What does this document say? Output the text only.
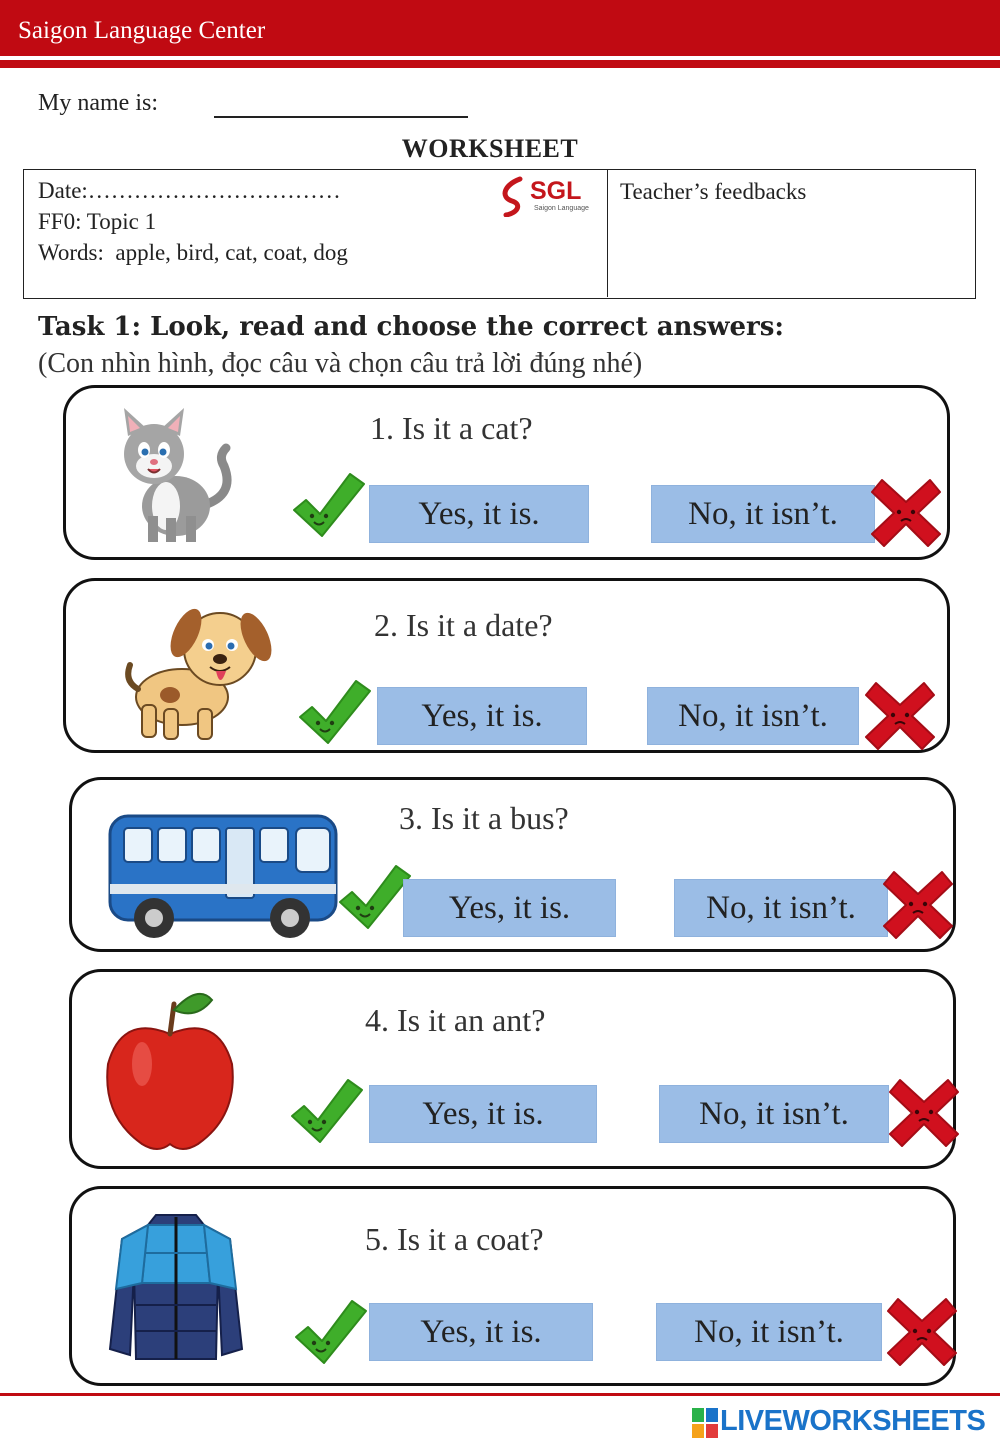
Saigon Language Center
My name is:
WORKSHEET
Date:……………………………
FF0: Topic 1
Words:  apple, bird, cat, coat, dog
SGL
Saigon Language
Teacher’s feedbacks
Task 1: Look, read and choose the correct answers:
(Con nhìn hình, đọc câu và chọn câu trả lời đúng nhé)
1. Is it a cat?
Yes, it is.	No, it isn’t.
2. Is it a date?
Yes, it is.	No, it isn’t.
3. Is it a bus?
Yes, it is.	No, it isn’t.
4. Is it an ant?
Yes, it is.	No, it isn’t.
5. Is it a coat?
Yes, it is.	No, it isn’t.
LIVEWORKSHEETS
